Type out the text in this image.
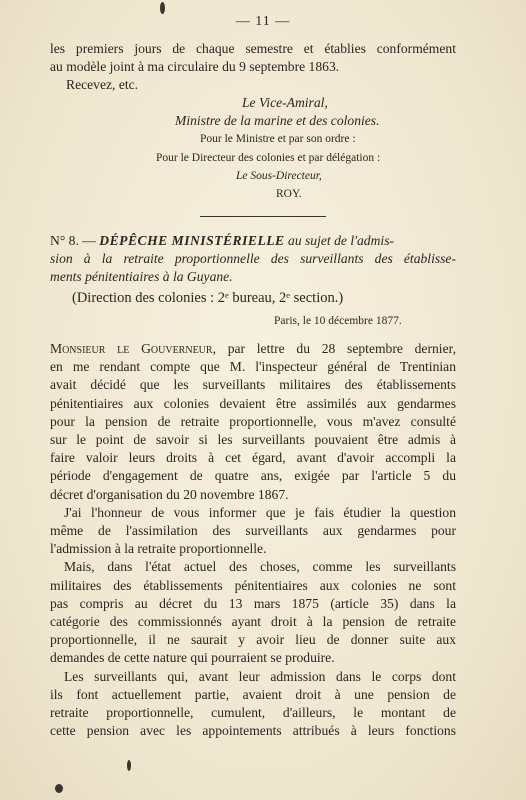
— 11 —
les premiers jours de chaque semestre et établies conformément
au modèle joint à ma circulaire du 9 septembre 1863.
Recevez, etc.
Le Vice-Amiral,
Ministre de la marine et des colonies.
Pour le Ministre et par son ordre :
Pour le Directeur des colonies et par délégation :
Le Sous-Directeur,
ROY.
N° 8. — DÉPÊCHE MINISTÉRIELLE au sujet de l'admis-
sion à la retraite proportionnelle des surveillants des établisse-
ments pénitentiaires à la Guyane.
(Direction des colonies : 2ᵉ bureau, 2ᵉ section.)
Paris, le 10 décembre 1877.
Monsieur le Gouverneur, par lettre du 28 septembre dernier,
en me rendant compte que M. l'inspecteur général de Trentinian
avait décidé que les surveillants militaires des établissements
pénitentiaires aux colonies devaient être assimilés aux gendarmes
pour la pension de retraite proportionnelle, vous m'avez consulté
sur le point de savoir si les surveillants pouvaient être admis à
faire valoir leurs droits à cet égard, avant d'avoir accompli la
période d'engagement de quatre ans, exigée par l'article 5 du
décret d'organisation du 20 novembre 1867.
J'ai l'honneur de vous informer que je fais étudier la question
même de l'assimilation des surveillants aux gendarmes pour
l'admission à la retraite proportionnelle.
Mais, dans l'état actuel des choses, comme les surveillants
militaires des établissements pénitentiaires aux colonies ne sont
pas compris au décret du 13 mars 1875 (article 35) dans la
catégorie des commissionnés ayant droit à la pension de retraite
proportionnelle, il ne saurait y avoir lieu de donner suite aux
demandes de cette nature qui pourraient se produire.
Les surveillants qui, avant leur admission dans le corps dont
ils font actuellement partie, avaient droit à une pension de
retraite proportionnelle, cumulent, d'ailleurs, le montant de
cette pension avec les appointements attribués à leurs fonctions
